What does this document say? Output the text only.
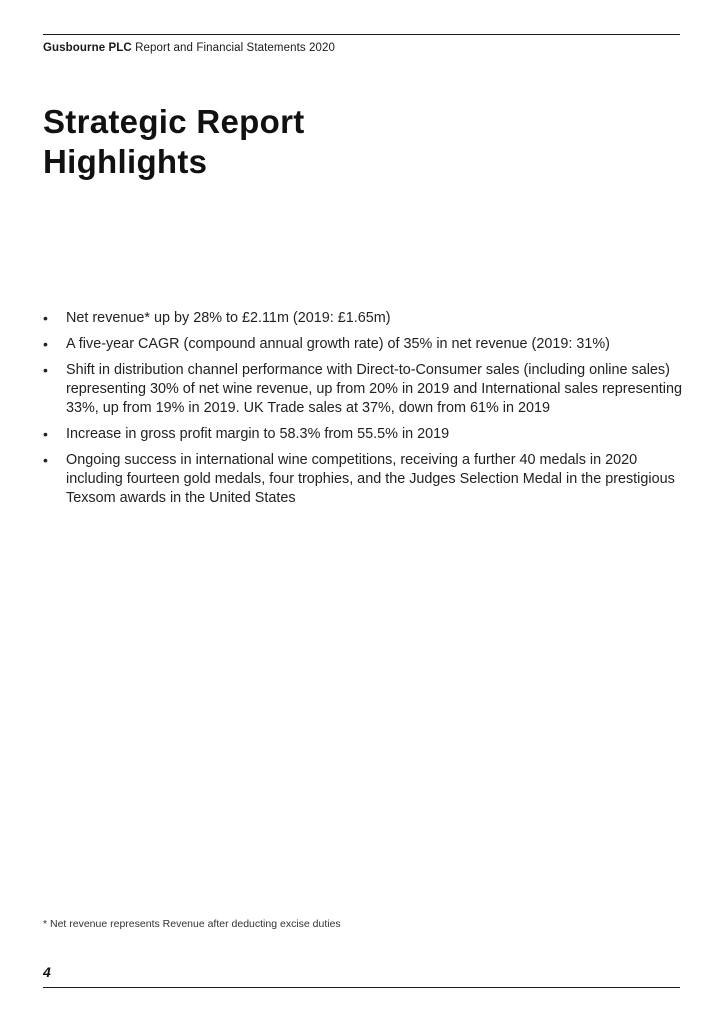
Gusbourne PLC Report and Financial Statements 2020
Strategic Report
Highlights
• Net revenue* up by 28% to £2.11m (2019: £1.65m)
• A five-year CAGR (compound annual growth rate) of 35% in net revenue (2019: 31%)
• Shift in distribution channel performance with Direct-to-Consumer sales (including online sales) representing 30% of net wine revenue, up from 20% in 2019 and International sales representing 33%, up from 19% in 2019. UK Trade sales at 37%, down from 61% in 2019
• Increase in gross profit margin to 58.3% from 55.5% in 2019
• Ongoing success in international wine competitions, receiving a further 40 medals in 2020 including fourteen gold medals, four trophies, and the Judges Selection Medal in the prestigious Texsom awards in the United States
* Net revenue represents Revenue after deducting excise duties
4
